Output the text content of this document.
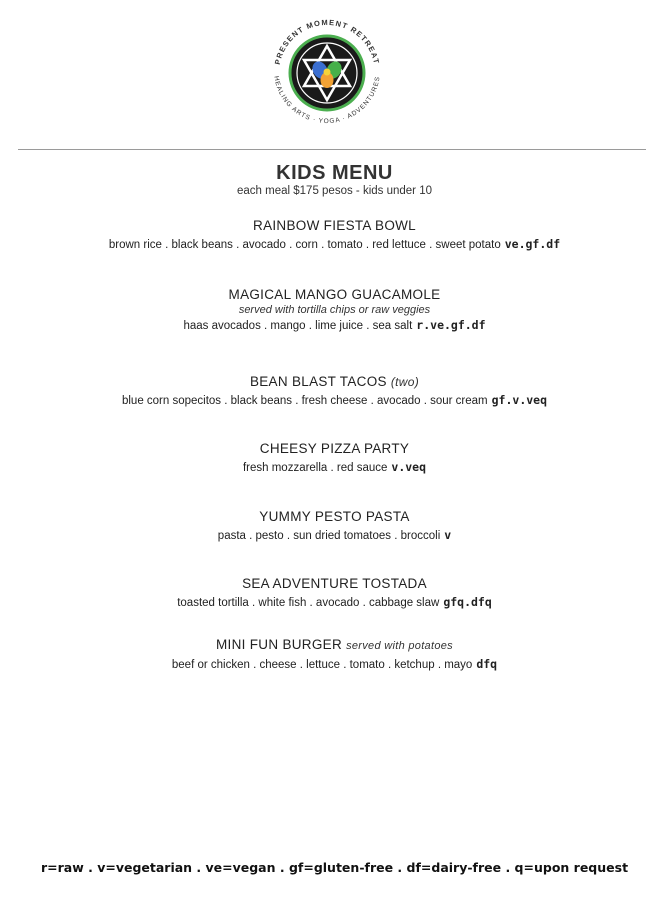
PRESENT MOMENT RETREAT
HEALING ARTS · YOGA · ADVENTURES
KIDS MENU
each meal $175 pesos - kids under 10
RAINBOW FIESTA BOWL
brown rice . black beans . avocado . corn . tomato . red lettuce . sweet potato ve.gf.df
MAGICAL MANGO GUACAMOLE
served with tortilla chips or raw veggies
haas avocados . mango . lime juice . sea salt r.ve.gf.df
BEAN BLAST TACOS (two)
blue corn sopecitos . black beans . fresh cheese . avocado . sour cream gf.v.veq
CHEESY PIZZA PARTY
fresh mozzarella . red sauce v.veq
YUMMY PESTO PASTA
pasta . pesto . sun dried tomatoes . broccoli v
SEA ADVENTURE TOSTADA
toasted tortilla . white fish . avocado . cabbage slaw gfq.dfq
MINI FUN BURGER served with potatoes
beef or chicken . cheese . lettuce . tomato . ketchup . mayo dfq
r=raw . v=vegetarian . ve=vegan . gf=gluten-free . df=dairy-free . q=upon request
